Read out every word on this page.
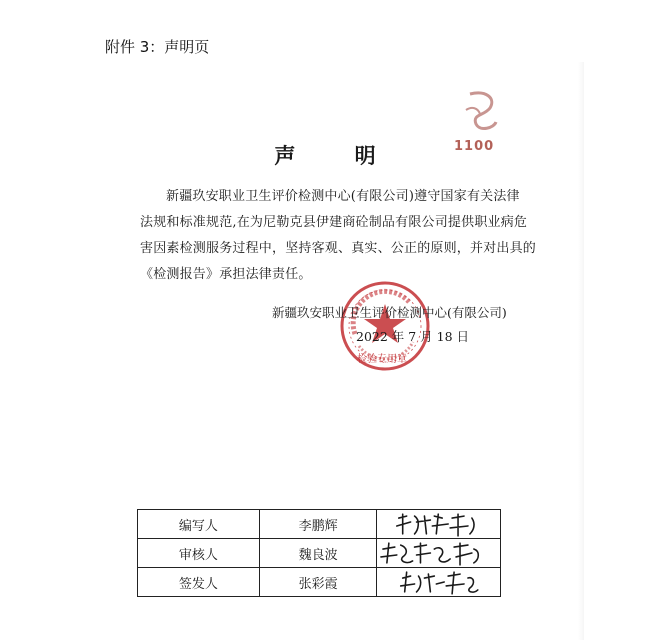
附件 3：声明页
1100
声 明
新疆玖安职业卫生评价检测中心(有限公司)遵守国家有关法律
法规和标准规范,在为尼勒克县伊建商砼制品有限公司提供职业病危
害因素检测服务过程中，坚持客观、真实、公正的原则，并对出具的
《检测报告》承担法律责任。
检验专用章
新疆玖安职业卫生评价检测中心(有限公司)
2022 年 7 月 18 日
编写人	李鹏辉	

审核人	魏良波	

签发人	张彩霞	
